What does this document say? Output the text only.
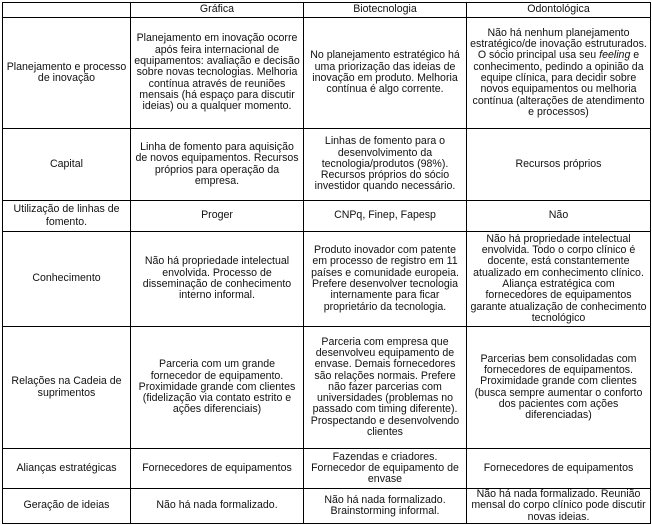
	Gráfica	Biotecnologia	Odontológica
Planejamento e processo de inovação	Planejamento em inovação ocorre após feira internacional de equipamentos: avaliação e decisão sobre novas tecnologias. Melhoria contínua através de reuniões mensais (há espaço para discutir ideias) ou a qualquer momento.	No planejamento estratégico há uma priorização das ideias de inovação em produto. Melhoria contínua é algo corrente.	Não há nenhum planejamento estratégico/de inovação estruturados. O sócio principal usa seu feeling e conhecimento, pedindo a opinião da equipe clínica, para decidir sobre novos equipamentos ou melhoria contínua (alterações de atendimento e processos)
Capital	Linha de fomento para aquisição de novos equipamentos. Recursos próprios para operação da empresa.	Linhas de fomento para o desenvolvimento da tecnologia/produtos (98%). Recursos próprios do sócio investidor quando necessário.	Recursos próprios
Utilização de linhas de fomento.	Proger	CNPq, Finep, Fapesp	Não
Conhecimento	Não há propriedade intelectual envolvida. Processo de disseminação de conhecimento interno informal.	Produto inovador com patente em processo de registro em 11 países e comunidade europeia. Prefere desenvolver tecnologia internamente para ficar proprietário da tecnologia.	Não há propriedade intelectual envolvida. Todo o corpo clínico é docente, está constantemente atualizado em conhecimento clínico. Aliança estratégica com fornecedores de equipamentos garante atualização de conhecimento tecnológico
Relações na Cadeia de suprimentos	Parceria com um grande fornecedor de equipamento. Proximidade grande com clientes (fidelização via contato estrito e ações diferenciais)	Parceria com empresa que desenvolveu equipamento de envase. Demais fornecedores são relações normais. Prefere não fazer parcerias com universidades (problemas no passado com timing diferente). Prospectando e desenvolvendo clientes	Parcerias bem consolidadas com fornecedores de equipamentos. Proximidade grande com clientes (busca sempre aumentar o conforto dos pacientes com ações diferenciadas)
Alianças estratégicas	Fornecedores de equipamentos	Fazendas e criadores. Fornecedor de equipamento de envase	Fornecedores de equipamentos
Geração de ideias	Não há nada formalizado.	Não há nada formalizado. Brainstorming informal.	Não há nada formalizado. Reunião mensal do corpo clínico pode discutir novas ideias.
